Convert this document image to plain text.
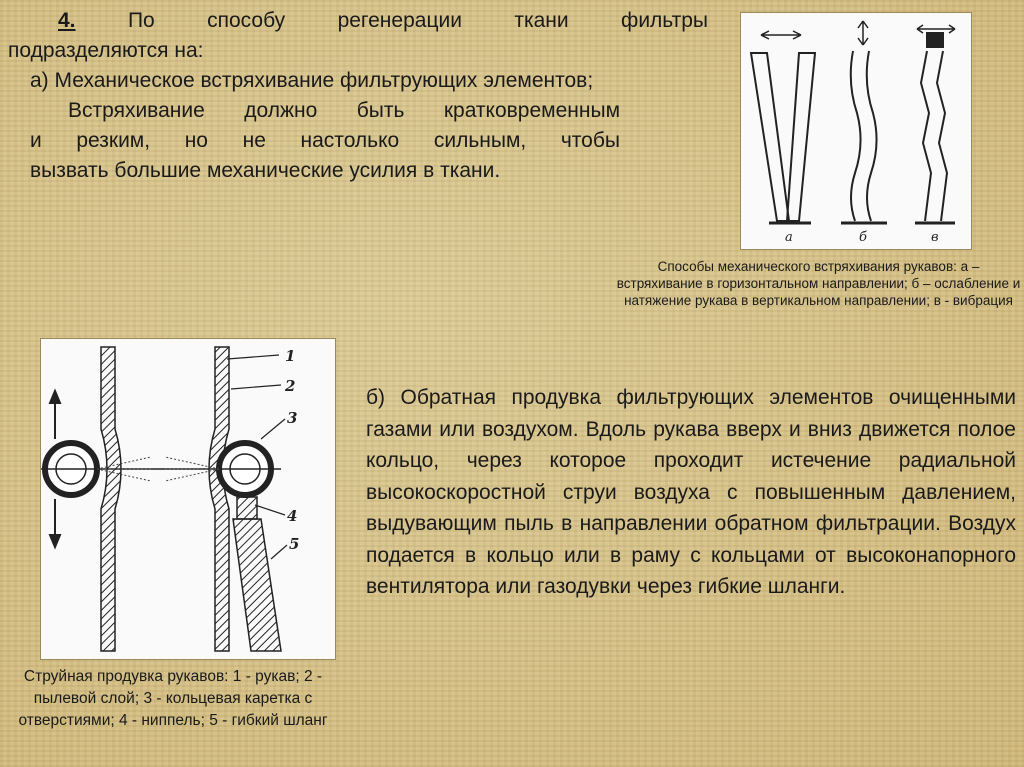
4. По способу регенерации ткани фильтры

подразделяются на:

а) Механическое встряхивание фильтрующих элементов;

Встряхивание должно быть кратковременным

и резким, но не настолько сильным, чтобы

вызвать большие механические усилия в ткани.

а	б	в
Способы механического встряхивания рукавов: а – встряхивание в горизонтальном направлении; б – ослабление и натяжение рукава в вертикальном направлении; в - вибрация
1
2
3
4
5
Струйная продувка рукавов: 1 - рукав; 2 - пылевой слой; 3 - кольцевая каретка с отверстиями; 4 - ниппель; 5 - гибкий шланг
б) Обратная продувка фильтрующих элементов очищенными газами или воздухом. Вдоль рукава вверх и вниз движется полое кольцо, через которое проходит истечение радиальной высокоскоростной струи воздуха с повышенным давлением, выдувающим пыль в направлении обратном фильтрации. Воздух подается в кольцо или в раму с кольцами от высоконапорного вентилятора или газодувки через гибкие шланги.
